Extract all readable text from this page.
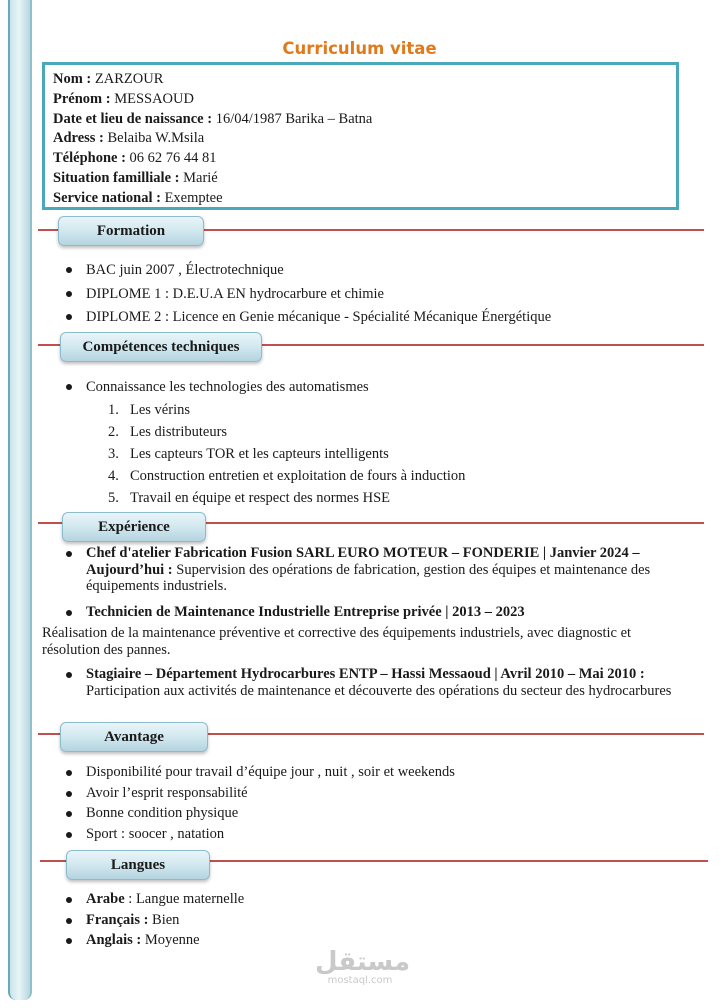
Curriculum vitae
Nom : ZARZOUR
Prénom : MESSAOUD
Date et lieu de naissance : 16/04/1987 Barika – Batna
Adress : Belaiba W.Msila
Téléphone : 06 62 76 44 81
Situation familliale : Marié
Service national : Exemptee
Formation
BAC juin 2007 , Électrotechnique
DIPLOME 1 : D.E.U.A EN hydrocarbure et chimie
DIPLOME 2 : Licence en Genie mécanique - Spécialité Mécanique Énergétique
Compétences techniques
Connaissance les technologies des automatismes
1. Les vérins
2. Les distributeurs
3. Les capteurs TOR et les capteurs intelligents
4. Construction entretien et exploitation de fours à induction
5. Travail en équipe et respect des normes HSE
Expérience
Chef d'atelier Fabrication Fusion SARL EURO MOTEUR – FONDERIE | Janvier 2024 – Aujourd’hui : Supervision des opérations de fabrication, gestion des équipes et maintenance des équipements industriels.
Technicien de Maintenance Industrielle Entreprise privée | 2013 – 2023
Réalisation de la maintenance préventive et corrective des équipements industriels, avec diagnostic et résolution des pannes.
Stagiaire – Département Hydrocarbures ENTP – Hassi Messaoud | Avril 2010 – Mai 2010 : Participation aux activités de maintenance et découverte des opérations du secteur des hydrocarbures
Avantage
Disponibilité pour travail d’équipe jour , nuit , soir et weekends
Avoir l’esprit responsabilité
Bonne condition physique
Sport : soocer , natation
Langues
Arabe : Langue maternelle
Français : Bien
Anglais : Moyenne
مستقل
mostaql.com
